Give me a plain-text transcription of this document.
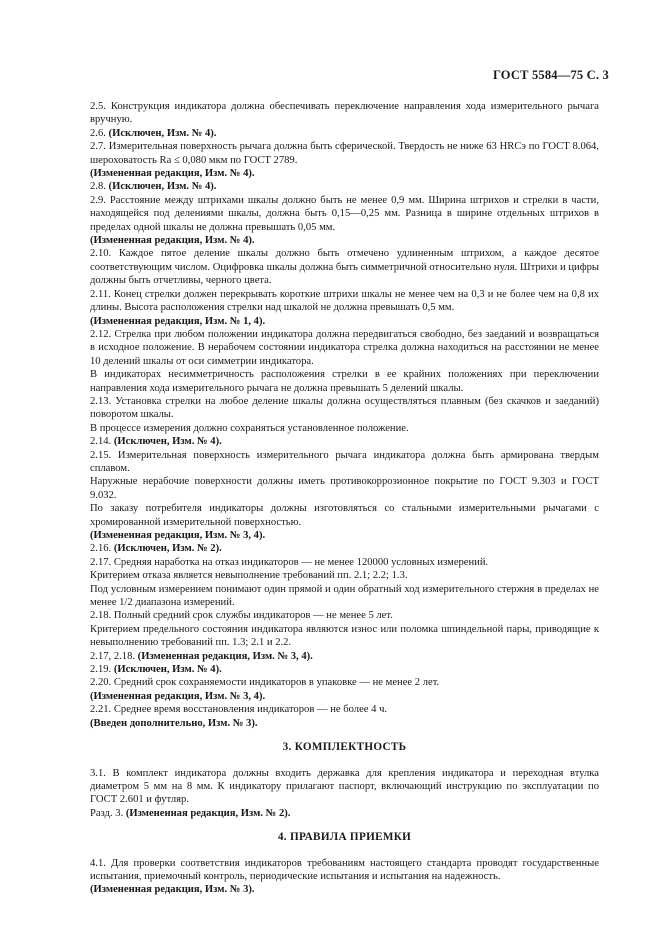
ГОСТ 5584—75 С. 3

2.5. Конструкция индикатора должна обеспечивать переключение направления хода измерительного рычага вручную.

2.6. (Исключен, Изм. № 4).

2.7. Измерительная поверхность рычага должна быть сферической. Твердость не ниже 63 HRCэ по ГОСТ 8.064, шероховатость Ra ≤ 0,080 мкм по ГОСТ 2789.

(Измененная редакция, Изм. № 4).

2.8. (Исключен, Изм. № 4).

2.9. Расстояние между штрихами шкалы должно быть не менее 0,9 мм. Ширина штрихов и стрелки в части, находящейся под делениями шкалы, должна быть 0,15—0,25 мм. Разница в ширине отдельных штрихов в пределах одной шкалы не должна превышать 0,05 мм.

(Измененная редакция, Изм. № 4).

2.10. Каждое пятое деление шкалы должно быть отмечено удлиненным штрихом, а каждое десятое соответствующим числом. Оцифровка шкалы должна быть симметричной относительно нуля. Штрихи и цифры должны быть отчетливы, черного цвета.

2.11. Конец стрелки должен перекрывать короткие штрихи шкалы не менее чем на 0,3 и не более чем на 0,8 их длины. Высота расположения стрелки над шкалой не должна превышать 0,5 мм.

(Измененная редакция, Изм. № 1, 4).

2.12. Стрелка при любом положении индикатора должна передвигаться свободно, без заеданий и возвращаться в исходное положение. В нерабочем состоянии индикатора стрелка должна находиться на расстоянии не менее 10 делений шкалы от оси симметрии индикатора.

В индикаторах несимметричность расположения стрелки в ее крайних положениях при переключении направления хода измерительного рычага не должна превышать 5 делений шкалы.

2.13. Установка стрелки на любое деление шкалы должна осуществляться плавным (без скачков и заеданий) поворотом шкалы.

В процессе измерения должно сохраняться установленное положение.

2.14. (Исключен, Изм. № 4).

2.15. Измерительная поверхность измерительного рычага индикатора должна быть армирована твердым сплавом.

Наружные нерабочие поверхности должны иметь противокоррозионное покрытие по ГОСТ 9.303 и ГОСТ 9.032.

По заказу потребителя индикаторы должны изготовляться со стальными измерительными рычагами с хромированной измерительной поверхностью.

(Измененная редакция, Изм. № 3, 4).

2.16. (Исключен, Изм. № 2).

2.17. Средняя наработка на отказ индикаторов — не менее 120000 условных измерений.

Критерием отказа является невыполнение требований пп. 2.1; 2.2; 1.3.

Под условным измерением понимают один прямой и один обратный ход измерительного стержня в пределах не менее 1/2 диапазона измерений.

2.18. Полный средний срок службы индикаторов — не менее 5 лет.

Критерием предельного состояния индикатора являются износ или поломка шпиндельной пары, приводящие к невыполнению требований пп. 1.3; 2.1 и 2.2.

2.17, 2.18. (Измененная редакция, Изм. № 3, 4).

2.19. (Исключен, Изм. № 4).

2.20. Средний срок сохраняемости индикаторов в упаковке — не менее 2 лет.

(Измененная редакция, Изм. № 3, 4).

2.21. Среднее время восстановления индикаторов — не более 4 ч.

(Введен дополнительно, Изм. № 3).

3. КОМПЛЕКТНОСТЬ

3.1. В комплект индикатора должны входить державка для крепления индикатора и переходная втулка диаметром 5 мм на 8 мм. К индикатору прилагают паспорт, включающий инструкцию по эксплуатации по ГОСТ 2.601 и футляр.

Разд. 3. (Измененная редакция, Изм. № 2).

4. ПРАВИЛА ПРИЕМКИ

4.1. Для проверки соответствия индикаторов требованиям настоящего стандарта проводят государственные испытания, приемочный контроль, периодические испытания и испытания на надежность.

(Измененная редакция, Изм. № 3).
